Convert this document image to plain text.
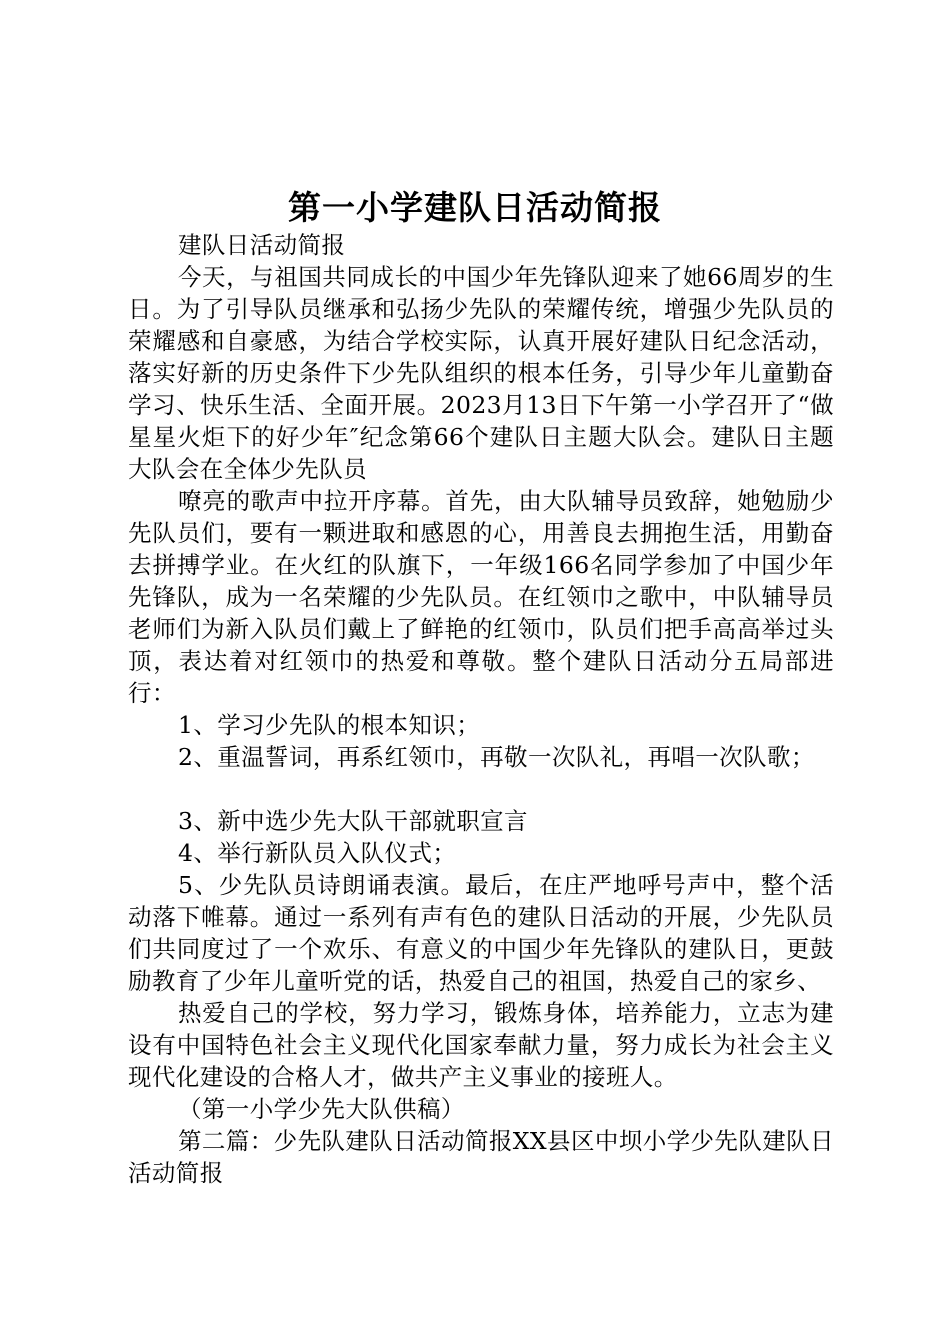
第一小学建队日活动简报

建队日活动简报

今天，与祖国共同成长的中国少年先锋队迎来了她66周岁的生日。为了引导队员继承和弘扬少先队的荣耀传统，增强少先队员的荣耀感和自豪感，为结合学校实际，认真开展好建队日纪念活动，落实好新的历史条件下少先队组织的根本任务，引导少年儿童勤奋学习、快乐生活、全面开展。2023月13日下午第一小学召开了“做星星火炬下的好少年″纪念第66个建队日主题大队会。建队日主题大队会在全体少先队员

嘹亮的歌声中拉开序幕。首先，由大队辅导员致辞，她勉励少先队员们，要有一颗进取和感恩的心，用善良去拥抱生活，用勤奋去拼搏学业。在火红的队旗下，一年级166名同学参加了中国少年先锋队，成为一名荣耀的少先队员。在红领巾之歌中，中队辅导员老师们为新入队员们戴上了鲜艳的红领巾，队员们把手高高举过头顶，表达着对红领巾的热爱和尊敬。整个建队日活动分五局部进行：

1、学习少先队的根本知识；

2、重温誓词，再系红领巾，再敬一次队礼，再唱一次队歌；

3、新中选少先大队干部就职宣言

4、举行新队员入队仪式；

5、少先队员诗朗诵表演。最后，在庄严地呼号声中，整个活动落下帷幕。通过一系列有声有色的建队日活动的开展，少先队员们共同度过了一个欢乐、有意义的中国少年先锋队的建队日，更鼓励教育了少年儿童听党的话，热爱自己的祖国，热爱自己的家乡、

热爱自己的学校，努力学习，锻炼身体，培养能力，立志为建设有中国特色社会主义现代化国家奉献力量，努力成长为社会主义现代化建设的合格人才，做共产主义事业的接班人。

（第一小学少先大队供稿）

第二篇：少先队建队日活动简报XX县区中坝小学少先队建队日活动简报
